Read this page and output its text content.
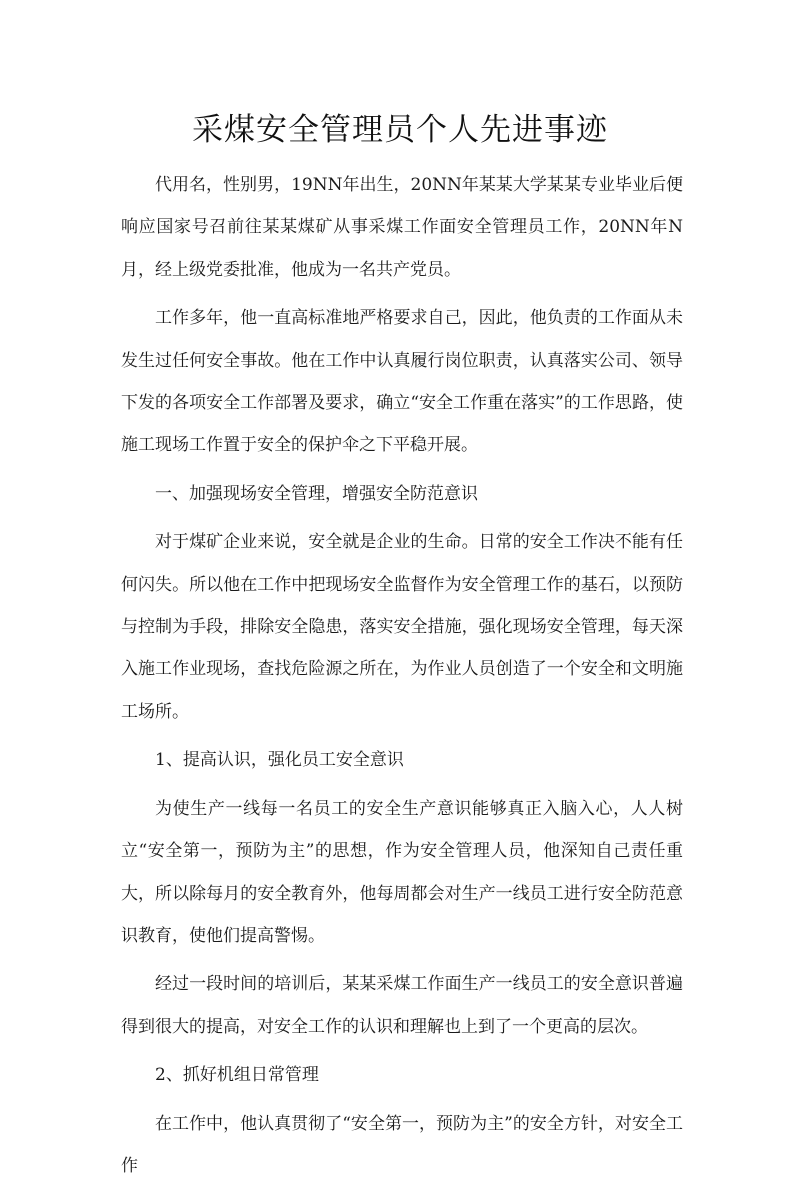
采煤安全管理员个人先进事迹

代用名，性别男，19NN年出生，20NN年某某大学某某专业毕业后便响应国家号召前往某某煤矿从事采煤工作面安全管理员工作，20NN年N月，经上级党委批准，他成为一名共产党员。

工作多年，他一直高标准地严格要求自己，因此，他负责的工作面从未发生过任何安全事故。他在工作中认真履行岗位职责，认真落实公司、领导下发的各项安全工作部署及要求，确立“安全工作重在落实”的工作思路，使施工现场工作置于安全的保护伞之下平稳开展。

一、加强现场安全管理，增强安全防范意识

对于煤矿企业来说，安全就是企业的生命。日常的安全工作决不能有任何闪失。所以他在工作中把现场安全监督作为安全管理工作的基石，以预防与控制为手段，排除安全隐患，落实安全措施，强化现场安全管理，每天深入施工作业现场，查找危险源之所在，为作业人员创造了一个安全和文明施工场所。

1、提高认识，强化员工安全意识

为使生产一线每一名员工的安全生产意识能够真正入脑入心，人人树立“安全第一，预防为主”的思想，作为安全管理人员，他深知自己责任重大，所以除每月的安全教育外，他每周都会对生产一线员工进行安全防范意识教育，使他们提高警惕。

经过一段时间的培训后，某某采煤工作面生产一线员工的安全意识普遍得到很大的提高，对安全工作的认识和理解也上到了一个更高的层次。

2、抓好机组日常管理

在工作中，他认真贯彻了“安全第一，预防为主”的安全方针，对安全工作
